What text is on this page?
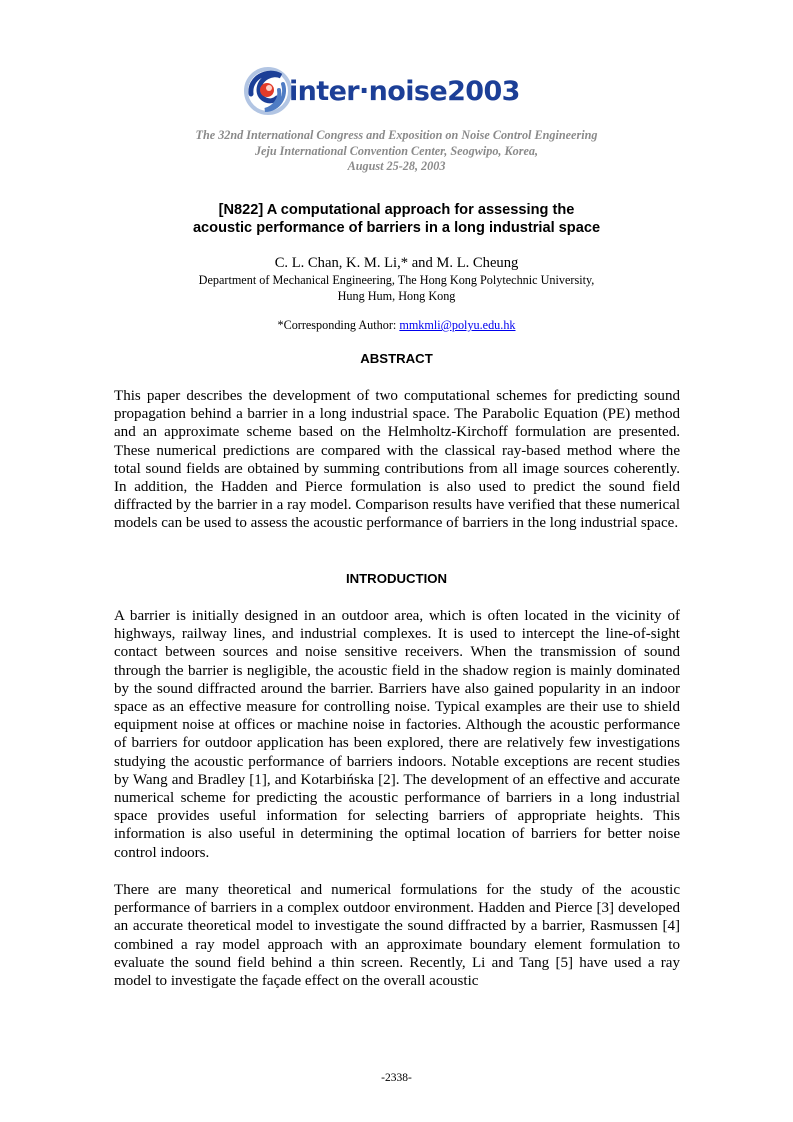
inter·noise2003
The 32nd International Congress and Exposition on Noise Control Engineering
Jeju International Convention Center, Seogwipo, Korea,
August 25-28, 2003
[N822] A computational approach for assessing the
acoustic performance of barriers in a long industrial space
C. L. Chan, K. M. Li,* and M. L. Cheung
Department of Mechanical Engineering, The Hong Kong Polytechnic University,
Hung Hum, Hong Kong
*Corresponding Author: mmkmli@polyu.edu.hk
ABSTRACT

This paper describes the development of two computational schemes for predicting sound propagation behind a barrier in a long industrial space. The Parabolic Equation (PE) method and an approximate scheme based on the Helmholtz-Kirchoff formulation are presented. These numerical predictions are compared with the classical ray-based method where the total sound fields are obtained by summing contributions from all image sources coherently. In addition, the Hadden and Pierce formulation is also used to predict the sound field diffracted by the barrier in a ray model. Comparison results have verified that these numerical models can be used to assess the acoustic performance of barriers in the long industrial space.

INTRODUCTION

A barrier is initially designed in an outdoor area, which is often located in the vicinity of highways, railway lines, and industrial complexes. It is used to intercept the line-of-sight contact between sources and noise sensitive receivers. When the transmission of sound through the barrier is negligible, the acoustic field in the shadow region is mainly dominated by the sound diffracted around the barrier. Barriers have also gained popularity in an indoor space as an effective measure for controlling noise. Typical examples are their use to shield equipment noise at offices or machine noise in factories. Although the acoustic performance of barriers for outdoor application has been explored, there are relatively few investigations studying the acoustic performance of barriers indoors. Notable exceptions are recent studies by Wang and Bradley [1], and Kotarbińska [2]. The development of an effective and accurate numerical scheme for predicting the acoustic performance of barriers in a long industrial space provides useful information for selecting barriers of appropriate heights. This information is also useful in determining the optimal location of barriers for better noise control indoors.

There are many theoretical and numerical formulations for the study of the acoustic performance of barriers in a complex outdoor environment. Hadden and Pierce [3] developed an accurate theoretical model to investigate the sound diffracted by a barrier, Rasmussen [4] combined a ray model approach with an approximate boundary element formulation to evaluate the sound field behind a thin screen. Recently, Li and Tang [5] have used a ray model to investigate the façade effect on the overall acoustic

-2338-
